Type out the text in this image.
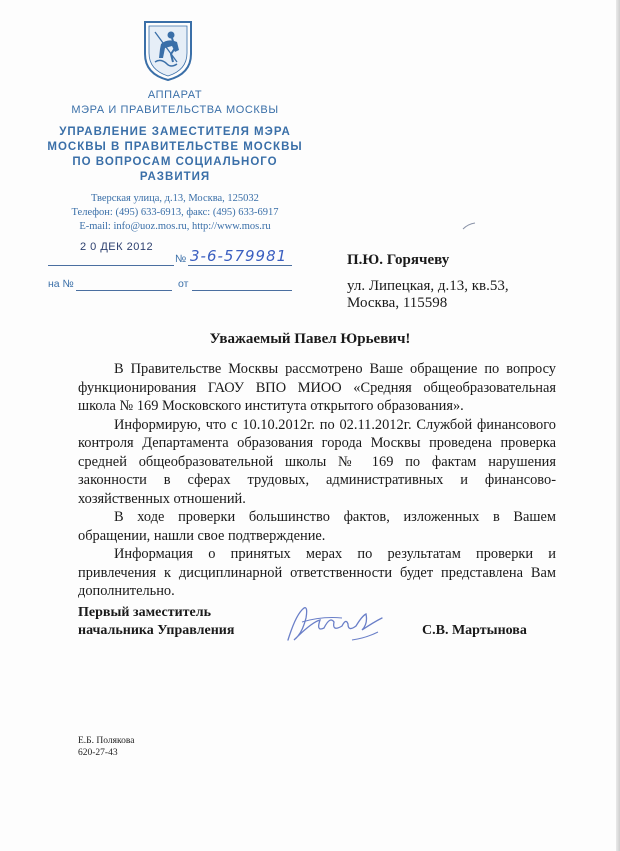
АППАРАТ
МЭРА И ПРАВИТЕЛЬСТВА МОСКВЫ
УПРАВЛЕНИЕ ЗАМЕСТИТЕЛЯ МЭРА
МОСКВЫ В ПРАВИТЕЛЬСТВЕ МОСКВЫ
ПО ВОПРОСАМ СОЦИАЛЬНОГО
РАЗВИТИЯ
Тверская улица, д.13, Москва, 125032
Телефон: (495) 633-6913, факс: (495) 633-6917
E-mail: info@uoz.mos.ru, http://www.mos.ru
2 0 ДЕК 2012
№ 3-6-579981
на №	от
П.Ю. Горячеву
ул. Липецкая, д.13, кв.53,
Москва, 115598
Уважаемый Павел Юрьевич!

В Правительстве Москвы рассмотрено Ваше обращение по вопросу функционирования ГАОУ ВПО МИОО «Средняя общеобразовательная школа № 169 Московского института открытого образования».

Информирую, что с 10.10.2012г. по 02.11.2012г. Службой финансового контроля Департамента образования города Москвы проведена проверка средней общеобразовательной школы № 169 по фактам нарушения законности в сферах трудовых, административных и финансово-хозяйственных отношений.

В ходе проверки большинство фактов, изложенных в Вашем обращении, нашли свое подтверждение.

Информация о принятых мерах по результатам проверки и привлечения к дисциплинарной ответственности будет представлена Вам дополнительно.

Первый заместитель
начальника Управления	С.В. Мартынова
Е.Б. Полякова
620-27-43
